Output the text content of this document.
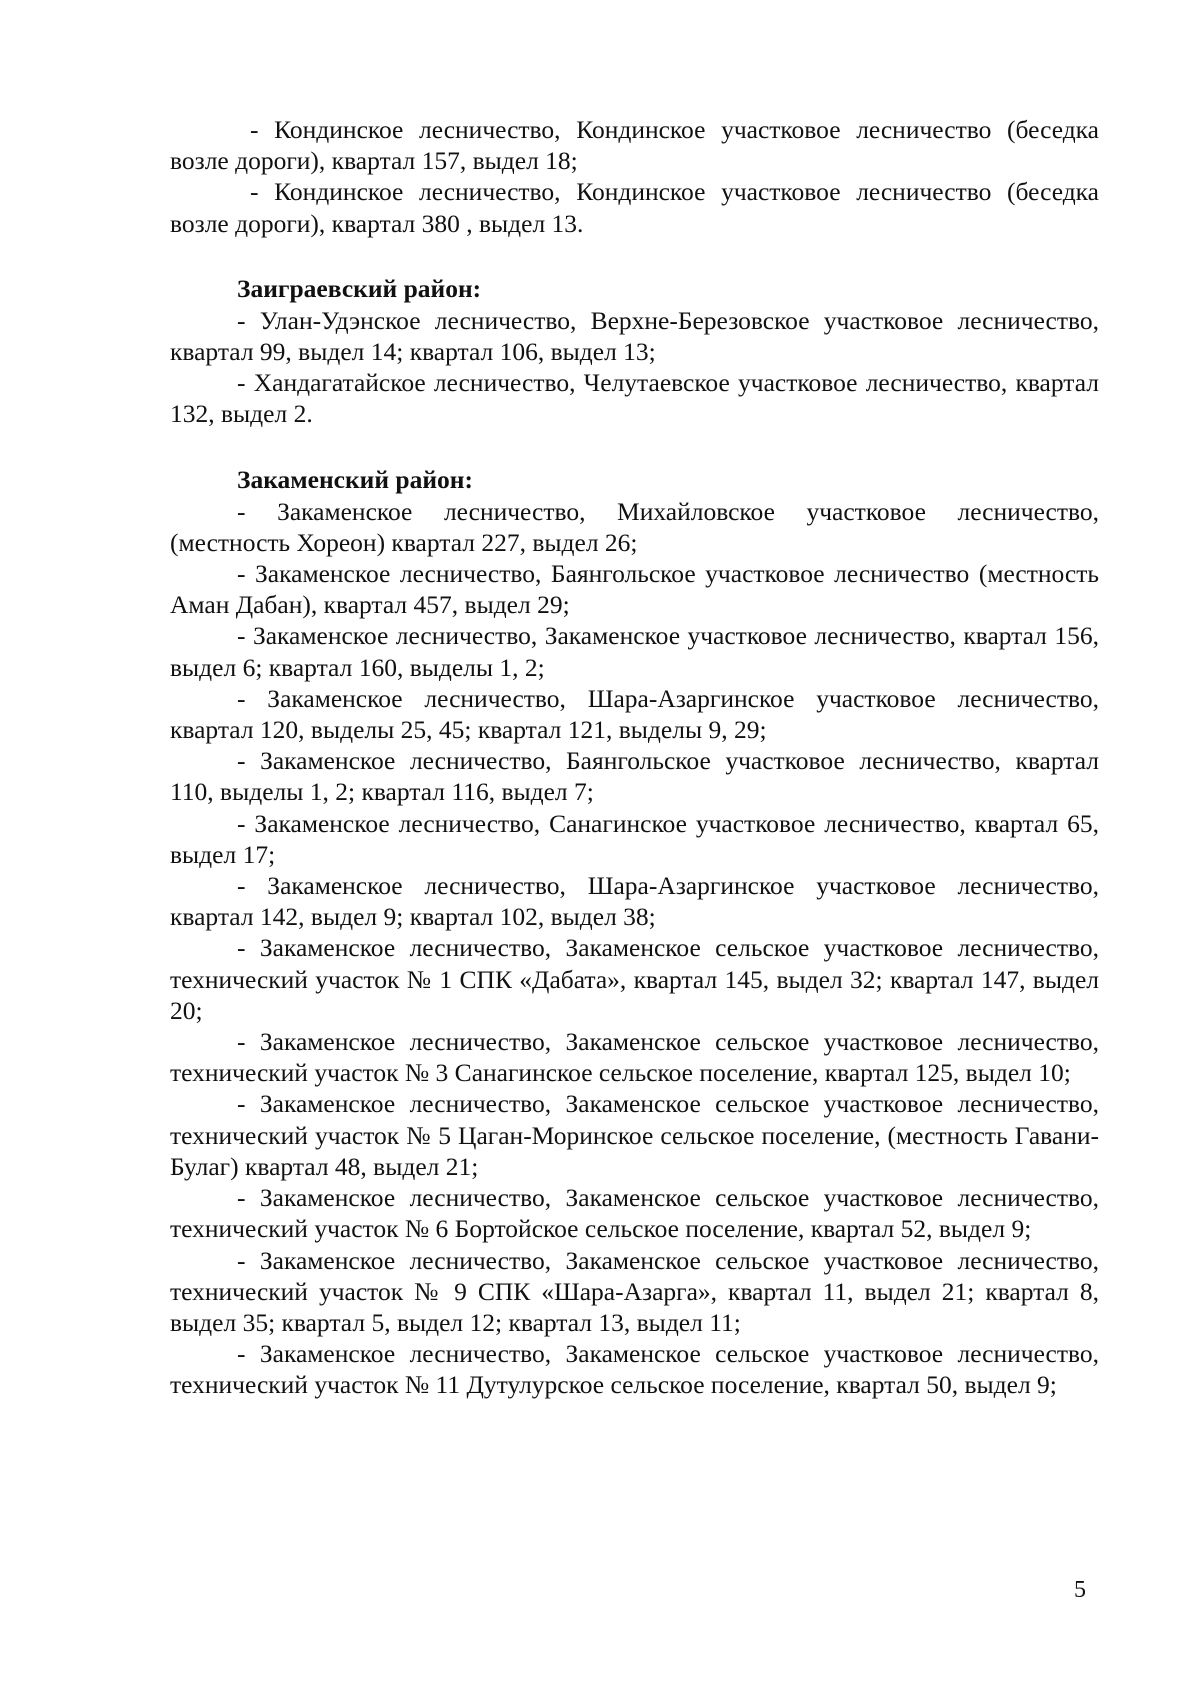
- Кондинское лесничество, Кондинское участковое лесничество (беседка возле дороги), квартал 157, выдел 18;

- Кондинское лесничество, Кондинское участковое лесничество (беседка возле дороги), квартал 380 , выдел 13.

Заиграевский район:

- Улан-Удэнское лесничество, Верхне-Березовское участковое лесничество, квартал 99, выдел 14; квартал 106, выдел 13;

- Хандагатайское лесничество, Челутаевское участковое лесничество, квартал 132, выдел 2.

Закаменский район:

- Закаменское лесничество, Михайловское участковое лесничество, (местность Хореон) квартал 227, выдел 26;

- Закаменское лесничество, Баянгольское участковое лесничество (местность Аман Дабан), квартал 457, выдел 29;

- Закаменское лесничество, Закаменское участковое лесничество, квартал 156, выдел 6; квартал 160, выделы 1, 2;

- Закаменское лесничество, Шара-Азаргинское участковое лесничество, квартал 120, выделы 25, 45; квартал 121, выделы 9, 29;

- Закаменское лесничество, Баянгольское участковое лесничество, квартал 110, выделы 1, 2; квартал 116, выдел 7;

- Закаменское лесничество, Санагинское участковое лесничество, квартал 65, выдел 17;

- Закаменское лесничество, Шара-Азаргинское участковое лесничество, квартал 142, выдел 9; квартал 102, выдел 38;

- Закаменское лесничество, Закаменское сельское участковое лесничество, технический участок № 1 СПК «Дабата», квартал 145, выдел 32; квартал 147, выдел 20;

- Закаменское лесничество, Закаменское сельское участковое лесничество, технический участок № 3 Санагинское сельское поселение, квартал 125, выдел 10;

- Закаменское лесничество, Закаменское сельское участковое лесничество, технический участок № 5 Цаган-Моринское сельское поселение, (местность Гавани-Булаг) квартал 48, выдел 21;

- Закаменское лесничество, Закаменское сельское участковое лесничество, технический участок № 6 Бортойское сельское поселение, квартал 52, выдел 9;

- Закаменское лесничество, Закаменское сельское участковое лесничество, технический участок № 9 СПК «Шара-Азарга», квартал 11, выдел 21; квартал 8, выдел 35; квартал 5, выдел 12; квартал 13, выдел 11;

- Закаменское лесничество, Закаменское сельское участковое лесничество, технический участок № 11 Дутулурское сельское поселение, квартал 50, выдел 9;

5
